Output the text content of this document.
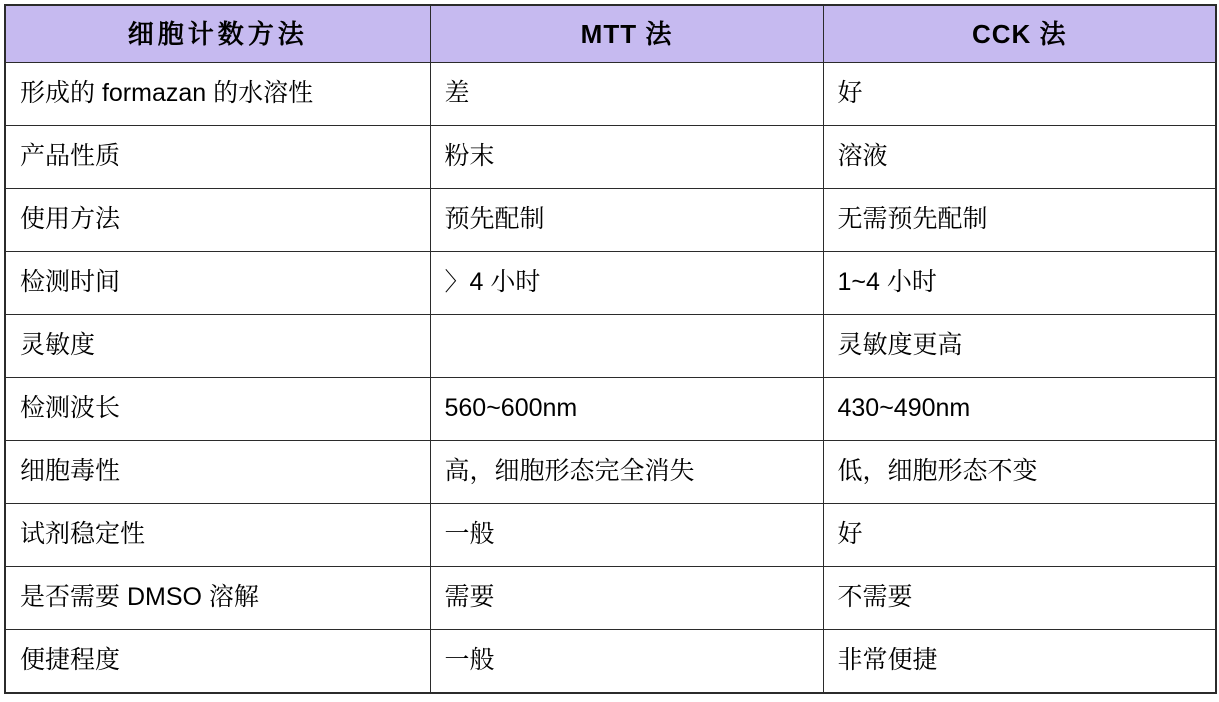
细胞计数方法	MTT 法	CCK 法
形成的 formazan 的水溶性	差	好
产品性质	粉末	溶液
使用方法	预先配制	无需预先配制
检测时间	〉4 小时	1~4 小时
灵敏度		灵敏度更高
检测波长	560~600nm	430~490nm
细胞毒性	高，细胞形态完全消失	低，细胞形态不变
试剂稳定性	一般	好
是否需要 DMSO 溶解	需要	不需要
便捷程度	一般	非常便捷
